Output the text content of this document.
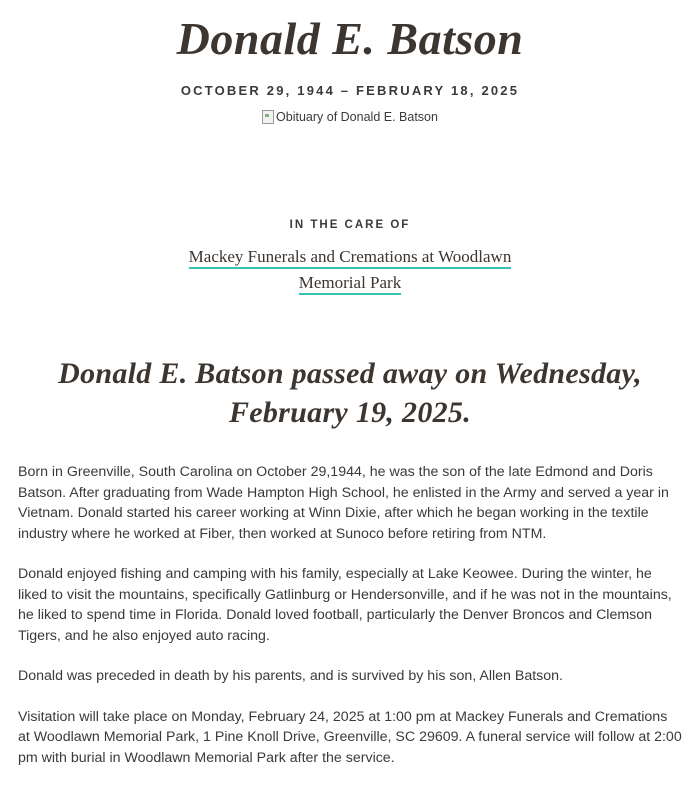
Donald E. Batson
OCTOBER 29, 1944 – FEBRUARY 18, 2025
Obituary of Donald E. Batson
IN THE CARE OF
Mackey Funerals and Cremations at Woodlawn
Memorial Park
Donald E. Batson passed away on Wednesday, February 19, 2025.

Born in Greenville, South Carolina on October 29,1944, he was the son of the late Edmond and Doris Batson. After graduating from Wade Hampton High School, he enlisted in the Army and served a year in Vietnam. Donald started his career working at Winn Dixie, after which he began working in the textile industry where he worked at Fiber, then worked at Sunoco before retiring from NTM.

Donald enjoyed fishing and camping with his family, especially at Lake Keowee. During the winter, he liked to visit the mountains, specifically Gatlinburg or Hendersonville, and if he was not in the mountains, he liked to spend time in Florida. Donald loved football, particularly the Denver Broncos and Clemson Tigers, and he also enjoyed auto racing.

Donald was preceded in death by his parents, and is survived by his son, Allen Batson.

Visitation will take place on Monday, February 24, 2025 at 1:00 pm at Mackey Funerals and Cremations at Woodlawn Memorial Park, 1 Pine Knoll Drive, Greenville, SC 29609. A funeral service will follow at 2:00 pm with burial in Woodlawn Memorial Park after the service.
